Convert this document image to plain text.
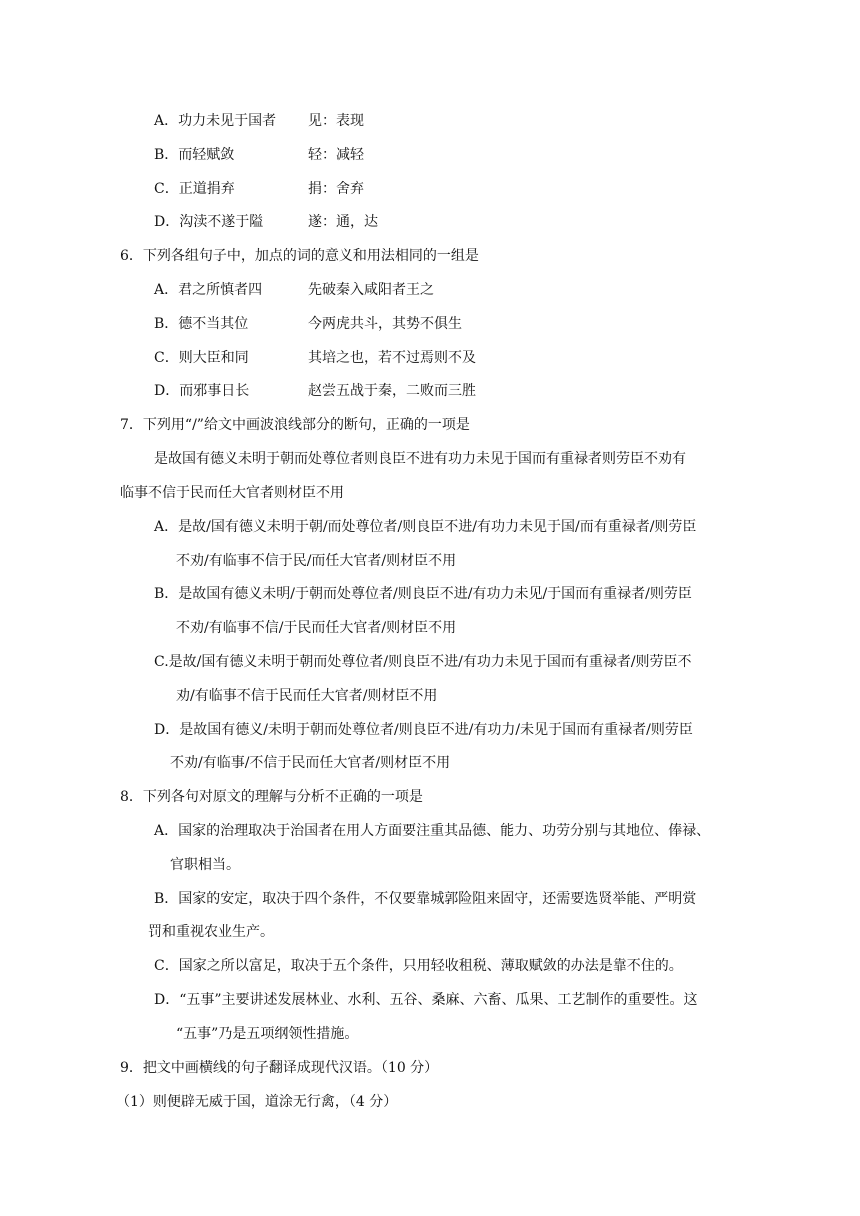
A．功力未见于国者 见：表现
B．而轻赋敛	轻：减轻
C．正道捐弃	捐：舍弃
D．沟渎不遂于隘	遂：通，达
6．下列各组句子中，加点的词的意义和用法相同的一组是
A．君之所慎者四	先破秦入咸阳者王之
B．德不当其位	今两虎共斗，其势不俱生
C．则大臣和同	其培之也，若不过焉则不及
D．而邪事日长	赵尝五战于秦，二败而三胜
7．下列用“/”给文中画波浪线部分的断句，正确的一项是
是故国有德义未明于朝而处尊位者则良臣不进有功力未见于国而有重禄者则劳臣不劝有
临事不信于民而任大官者则材臣不用
A．是故/国有德义未明于朝/而处尊位者/则良臣不进/有功力未见于国/而有重禄者/则劳臣
不劝/有临事不信于民/而任大官者/则材臣不用
B．是故国有德义未明/于朝而处尊位者/则良臣不进/有功力未见/于国而有重禄者/则劳臣
不劝/有临事不信/于民而任大官者/则材臣不用
C.是故/国有德义未明于朝而处尊位者/则良臣不进/有功力未见于国而有重禄者/则劳臣不
劝/有临事不信于民而任大官者/则材臣不用
D．是故国有德义/未明于朝而处尊位者/则良臣不进/有功力/未见于国而有重禄者/则劳臣
不劝/有临事/不信于民而任大官者/则材臣不用
8．下列各句对原文的理解与分析不正确的一项是
A．国家的治理取决于治国者在用人方面要注重其品德、能力、功劳分别与其地位、俸禄、
官职相当。
B．国家的安定，取决于四个条件，不仅要靠城郭险阻来固守，还需要选贤举能、严明赏
罚和重视农业生产。
C．国家之所以富足，取决于五个条件，只用轻收租税、薄取赋敛的办法是靠不住的。
D．“五事”主要讲述发展林业、水利、五谷、桑麻、六畜、瓜果、工艺制作的重要性。这
“五事”乃是五项纲领性措施。
9．把文中画横线的句子翻译成现代汉语。（10 分）
（1）则便辟无威于国，道涂无行禽，（4 分）
